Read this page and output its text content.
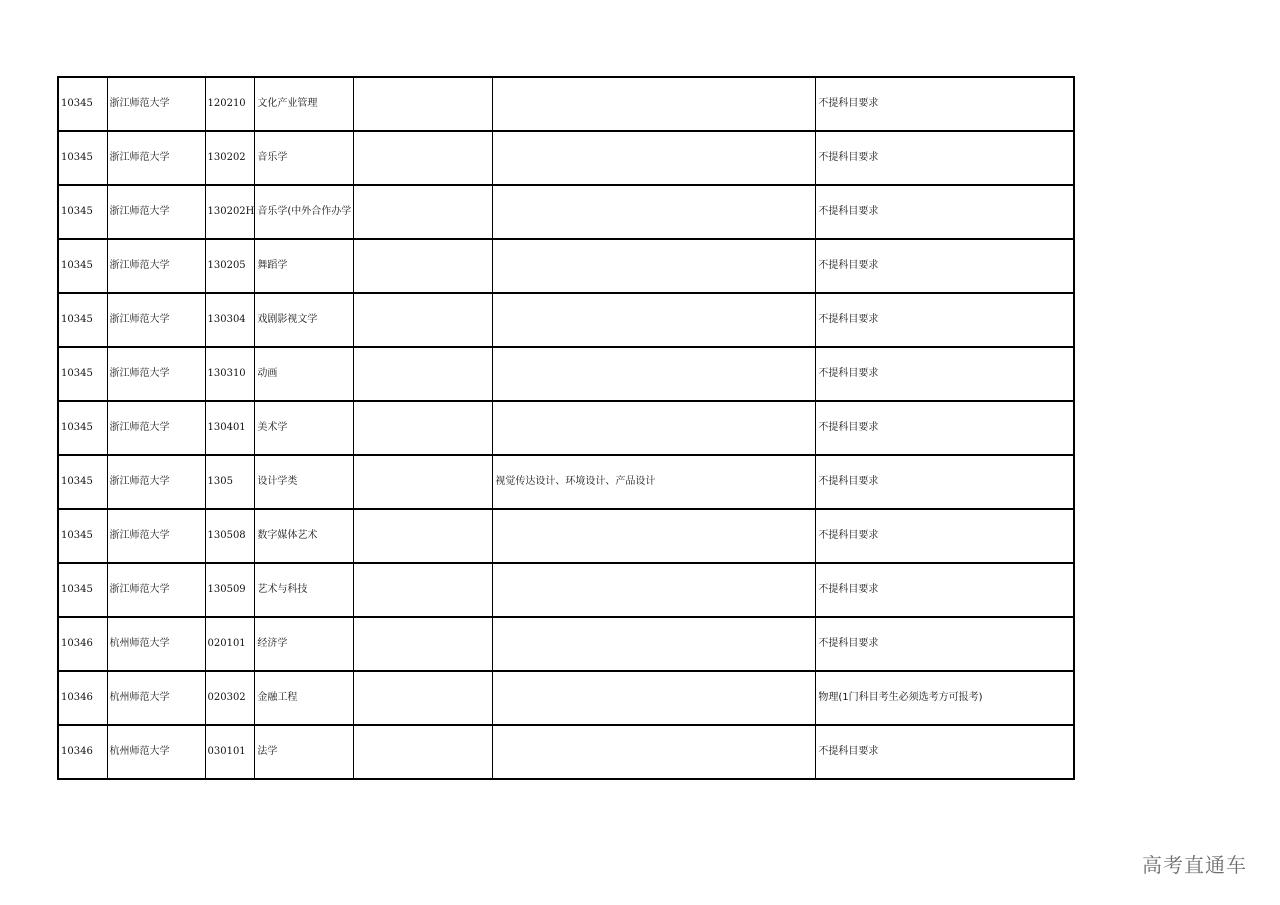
10345	浙江师范大学	120210	文化产业管理			不提科目要求
10345	浙江师范大学	130202	音乐学			不提科目要求
10345	浙江师范大学	130202H	音乐学(中外合作办学			不提科目要求
10345	浙江师范大学	130205	舞蹈学			不提科目要求
10345	浙江师范大学	130304	戏剧影视文学			不提科目要求
10345	浙江师范大学	130310	动画			不提科目要求
10345	浙江师范大学	130401	美术学			不提科目要求
10345	浙江师范大学	1305	设计学类		视觉传达设计、环境设计、产品设计	不提科目要求
10345	浙江师范大学	130508	数字媒体艺术			不提科目要求
10345	浙江师范大学	130509	艺术与科技			不提科目要求
10346	杭州师范大学	020101	经济学			不提科目要求
10346	杭州师范大学	020302	金融工程			物理(1门科目考生必须选考方可报考)
10346	杭州师范大学	030101	法学			不提科目要求
高考直通车
